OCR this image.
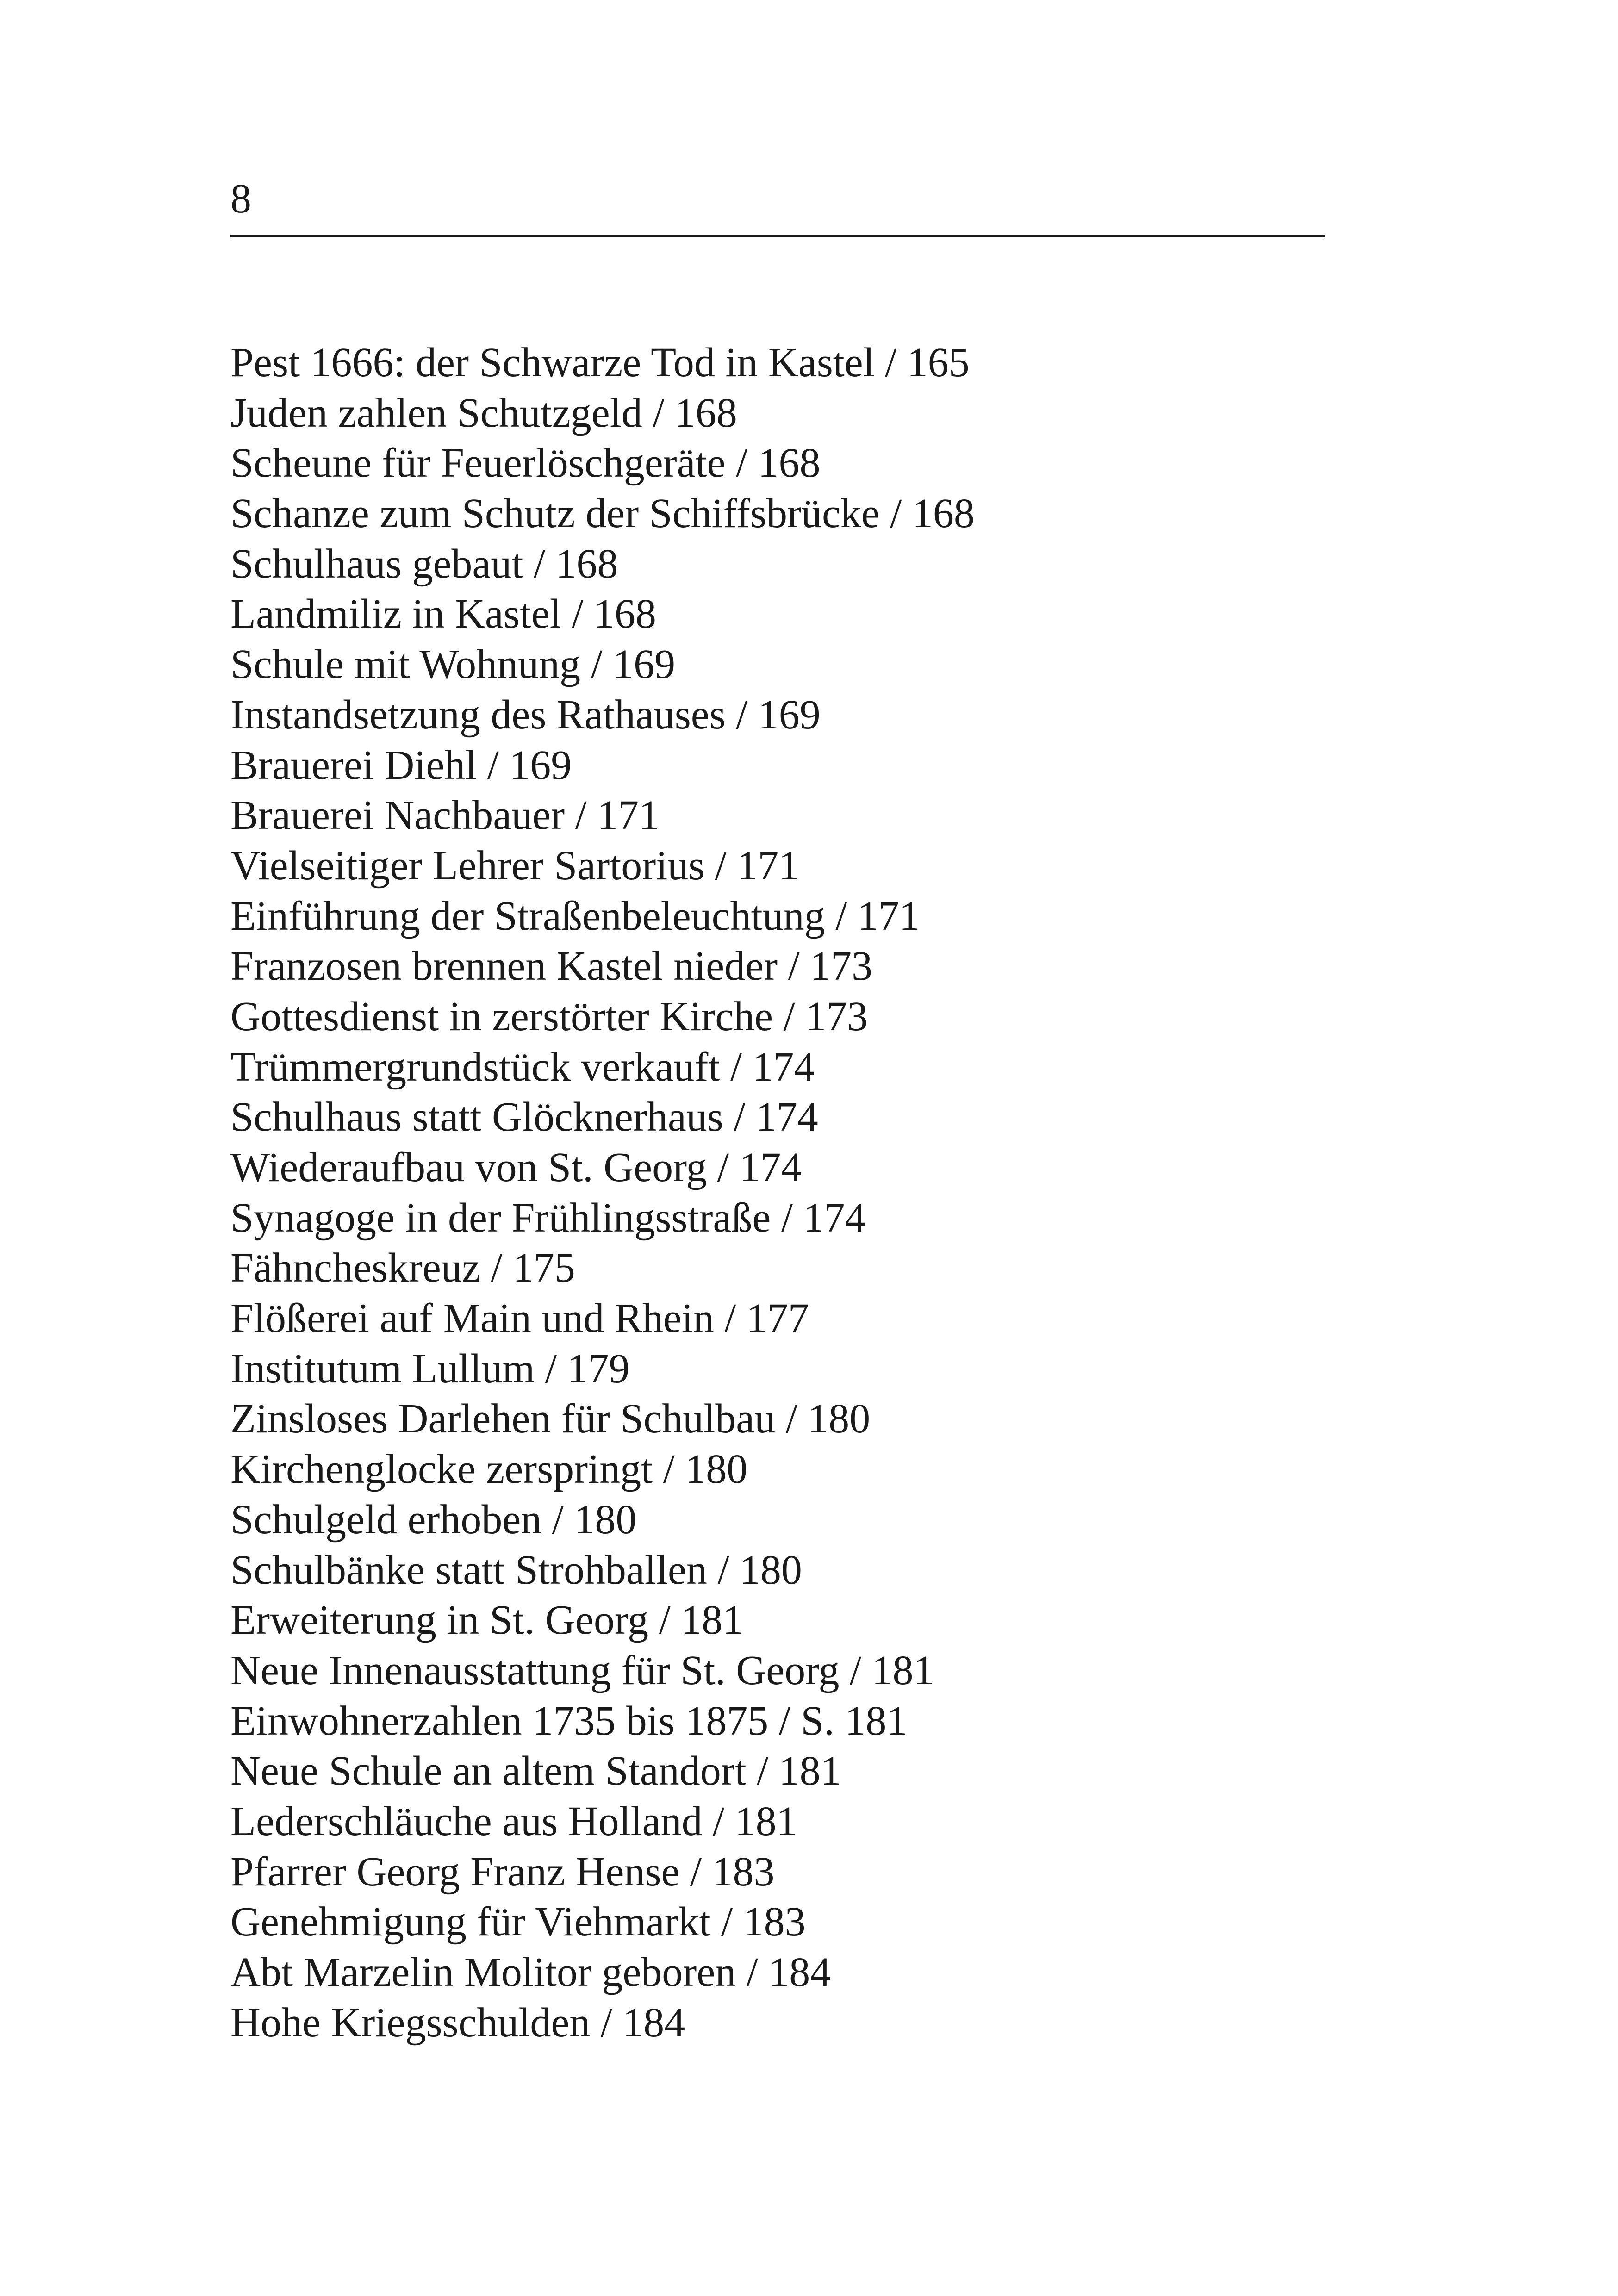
8
Pest 1666: der Schwarze Tod in Kastel / 165
Juden zahlen Schutzgeld / 168
Scheune für Feuerlöschgeräte / 168
Schanze zum Schutz der Schiffsbrücke / 168
Schulhaus gebaut / 168
Landmiliz in Kastel / 168
Schule mit Wohnung / 169
Instandsetzung des Rathauses / 169
Brauerei Diehl / 169
Brauerei Nachbauer / 171
Vielseitiger Lehrer Sartorius / 171
Einführung der Straßenbeleuchtung / 171
Franzosen brennen Kastel nieder / 173
Gottesdienst in zerstörter Kirche / 173
Trümmergrundstück verkauft / 174
Schulhaus statt Glöcknerhaus / 174
Wiederaufbau von St. Georg / 174
Synagoge in der Frühlingsstraße / 174
Fähncheskreuz / 175
Flößerei auf Main und Rhein / 177
Institutum Lullum / 179
Zinsloses Darlehen für Schulbau / 180
Kirchenglocke zerspringt / 180
Schulgeld erhoben / 180
Schulbänke statt Strohballen / 180
Erweiterung in St. Georg / 181
Neue Innenausstattung für St. Georg / 181
Einwohnerzahlen 1735 bis 1875 / S. 181
Neue Schule an altem Standort / 181
Lederschläuche aus Holland / 181
Pfarrer Georg Franz Hense / 183
Genehmigung für Viehmarkt / 183
Abt Marzelin Molitor geboren / 184
Hohe Kriegsschulden / 184
